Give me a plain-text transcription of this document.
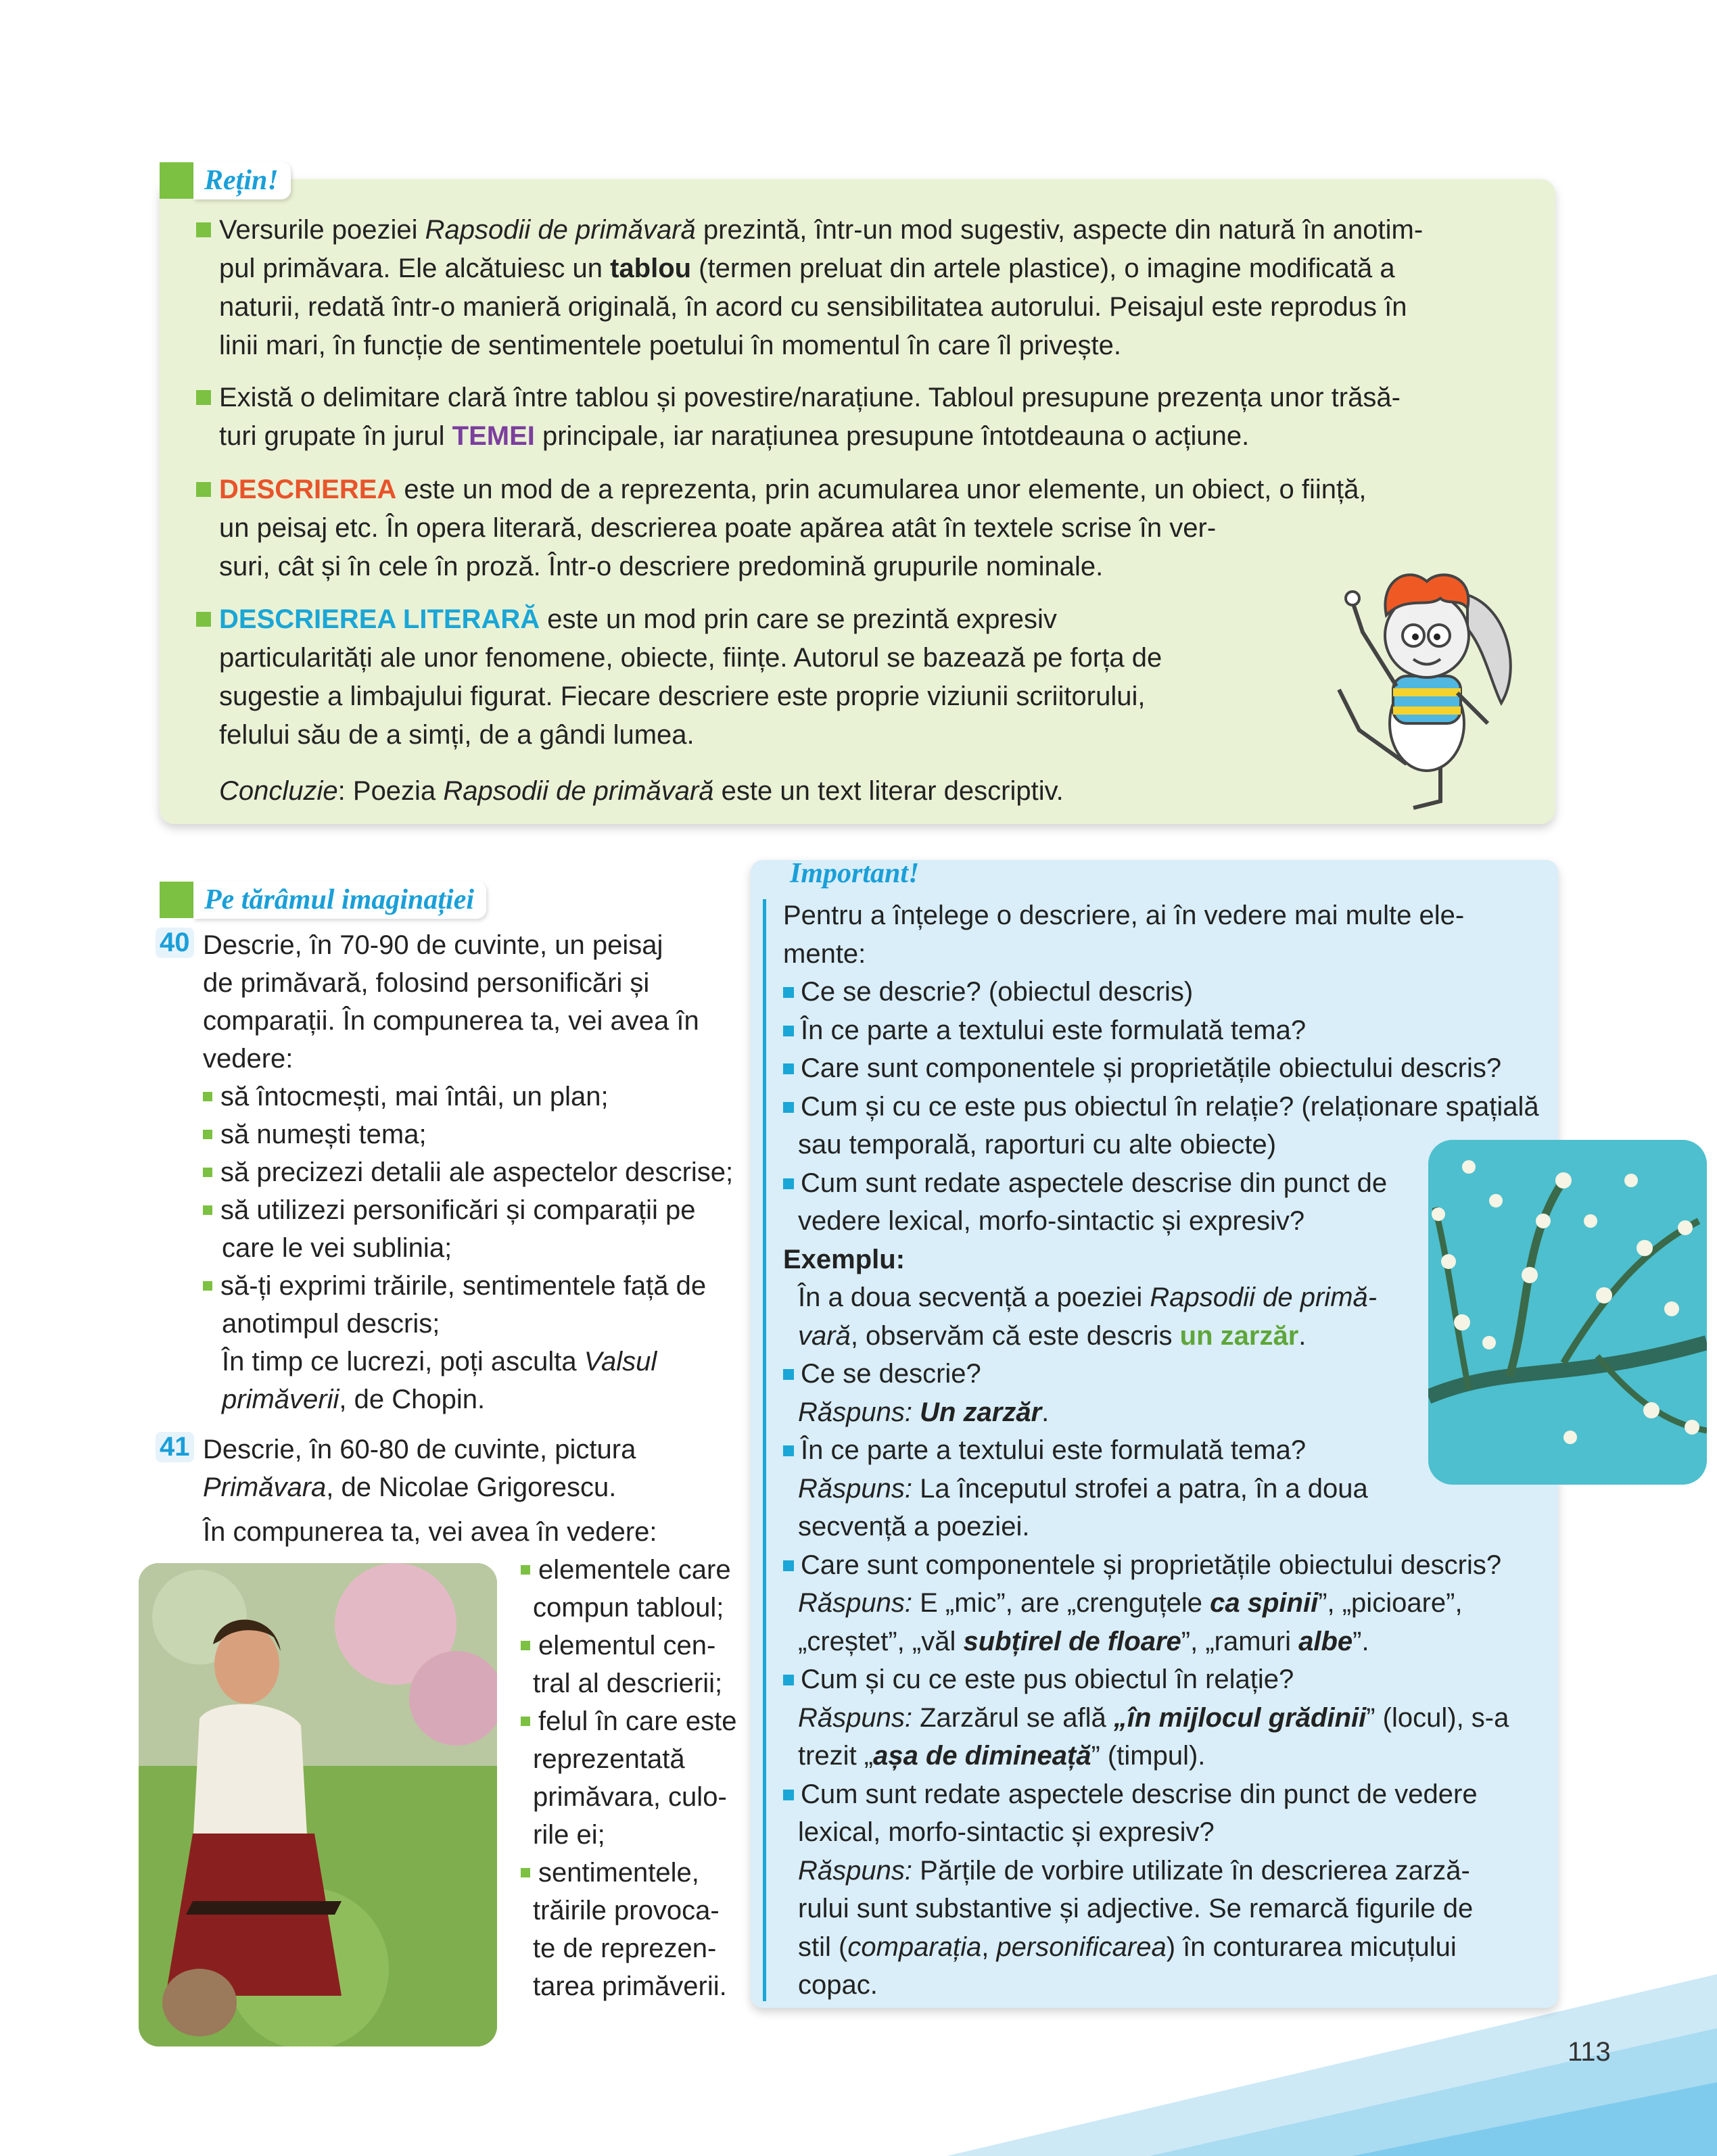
Rețin!
Versurile poeziei Rapsodii de primăvară prezintă, într-un mod sugestiv, aspecte din natură în anotim-
pul primăvara. Ele alcătuiesc un tablou (termen preluat din artele plastice), o imagine modificată a
naturii, redată într-o manieră originală, în acord cu sensibilitatea autorului. Peisajul este reprodus în
linii mari, în funcție de sentimentele poetului în momentul în care îl privește.
Există o delimitare clară între tablou și povestire/narațiune. Tabloul presupune prezența unor trăsă-
turi grupate în jurul TEMEI principale, iar narațiunea presupune întotdeauna o acțiune.
DESCRIEREA este un mod de a reprezenta, prin acumularea unor elemente, un obiect, o ființă,
un peisaj etc. În opera literară, descrierea poate apărea atât în textele scrise în ver-
suri, cât și în cele în proză. Într-o descriere predomină grupurile nominale.
DESCRIEREA LITERARĂ este un mod prin care se prezintă expresiv
particularități ale unor fenomene, obiecte, ființe. Autorul se bazează pe forța de
sugestie a limbajului figurat. Fiecare descriere este proprie viziunii scriitorului,
felului său de a simți, de a gândi lumea.
Concluzie: Poezia Rapsodii de primăvară este un text literar descriptiv.
Pe tărâmul imaginației
40 Descrie, în 70-90 de cuvinte, un peisaj
de primăvară, folosind personificări și
comparații. În compunerea ta, vei avea în
vedere:
să întocmești, mai întâi, un plan;
să numești tema;
să precizezi detalii ale aspectelor descrise;
să utilizezi personificări și comparații pe
care le vei sublinia;
să-ți exprimi trăirile, sentimentele față de
anotimpul descris;
În timp ce lucrezi, poți asculta Valsul
primăverii, de Chopin.
41 Descrie, în 60-80 de cuvinte, pictura
Primăvara, de Nicolae Grigorescu.
În compunerea ta, vei avea în vedere:
elementele care
compun tabloul;
elementul cen-
tral al descrierii;
felul în care este
reprezentată
primăvara, culo-
rile ei;
sentimentele,
trăirile provoca-
te de reprezen-
tarea primăverii.
Important!
Pentru a înțelege o descriere, ai în vedere mai multe ele-
mente:
Ce se descrie? (obiectul descris)
În ce parte a textului este formulată tema?
Care sunt componentele și proprietățile obiectului descris?
Cum și cu ce este pus obiectul în relație? (relaționare spațială
sau temporală, raporturi cu alte obiecte)
Cum sunt redate aspectele descrise din punct de
vedere lexical, morfo-sintactic și expresiv?
Exemplu:
În a doua secvență a poeziei Rapsodii de primă-
vară, observăm că este descris un zarzăr.
Ce se descrie?
Răspuns: Un zarzăr.
În ce parte a textului este formulată tema?
Răspuns: La începutul strofei a patra, în a doua
secvență a poeziei.
Care sunt componentele și proprietățile obiectului descris?
Răspuns: E „mic”, are „crenguțele ca spinii”, „picioare”,
„creștet”, „văl subțirel de floare”, „ramuri albe”.
Cum și cu ce este pus obiectul în relație?
Răspuns: Zarzărul se află „în mijlocul grădinii” (locul), s-a
trezit „așa de dimineață” (timpul).
Cum sunt redate aspectele descrise din punct de vedere
lexical, morfo-sintactic și expresiv?
Răspuns: Părțile de vorbire utilizate în descrierea zarză-
rului sunt substantive și adjective. Se remarcă figurile de
stil (comparația, personificarea) în conturarea micuțului
copac.
113
